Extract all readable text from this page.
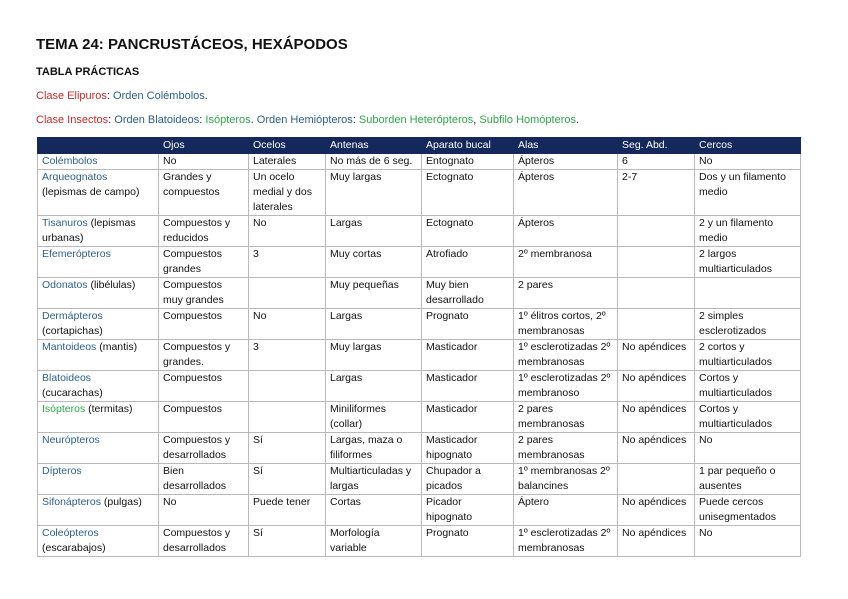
TEMA 24: PANCRUSTÁCEOS, HEXÁPODOS
TABLA PRÁCTICAS
Clase Elipuros: Orden Colémbolos.
Clase Insectos: Orden Blatoideos: Isópteros. Orden Hemiópteros: Suborden Heterópteros, Subfilo Homópteros.
	Ojos	Ocelos	Antenas	Aparato bucal	Alas	Seg. Abd.	Cercos
Colémbolos	No	Laterales	No más de 6 seg.	Entognato	Ápteros	6	No
Arqueognatos (lepismas de campo)	Grandes y compuestos	Un ocelo medial y dos laterales	Muy largas	Ectognato	Ápteros	2-7	Dos y un filamento medio
Tisanuros (lepismas urbanas)	Compuestos y reducidos	No	Largas	Ectognato	Ápteros		2 y un filamento medio
Efemerópteros	Compuestos grandes	3	Muy cortas	Atrofiado	2º membranosa		2 largos multiarticulados
Odonatos (libélulas)	Compuestos muy grandes		Muy pequeñas	Muy bien desarrollado	2 pares		
Dermápteros (cortapichas)	Compuestos	No	Largas	Prognato	1º élitros cortos, 2º membranosas		2 simples esclerotizados
Mantoideos (mantis)	Compuestos y grandes.	3	Muy largas	Masticador	1º esclerotizadas 2º membranosas	No apéndices	2 cortos y multiarticulados
Blatoideos (cucarachas)	Compuestos		Largas	Masticador	1º esclerotizadas 2º membranoso	No apéndices	Cortos y multiarticulados
Isópteros (termitas)	Compuestos		Miniliformes (collar)	Masticador	2 pares membranosas	No apéndices	Cortos y multiarticulados
Neurópteros	Compuestos y desarrollados	Sí	Largas, maza o filiformes	Masticador hipognato	2 pares membranosas	No apéndices	No
Dípteros	Bien desarrollados	Sí	Multiarticuladas y largas	Chupador a picados	1º membranosas 2º balancines		1 par pequeño o ausentes
Sifonápteros (pulgas)	No	Puede tener	Cortas	Picador hipognato	Áptero	No apéndices	Puede cercos unisegmentados
Coleópteros (escarabajos)	Compuestos y desarrollados	Sí	Morfología variable	Prognato	1º esclerotizadas 2º membranosas	No apéndices	No
